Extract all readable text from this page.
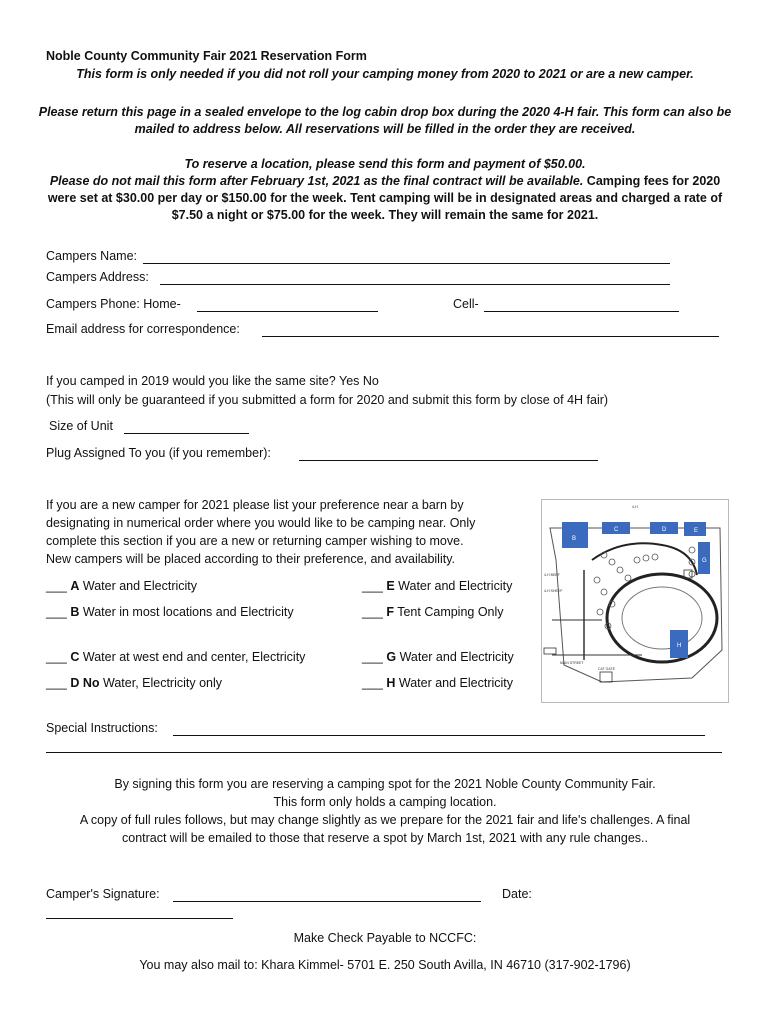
Noble County Community Fair 2021 Reservation Form
This form is only needed if you did not roll your camping money from 2020 to 2021 or are a new camper.
Please return this page in a sealed envelope to the log cabin drop box during the 2020 4-H fair. This form can also be
mailed to address below. All reservations will be filled in the order they are received.
To reserve a location, please send this form and payment of $50.00.
Please do not mail this form after February 1st, 2021 as the final contract will be available. Camping fees for 2020
were set at $30.00 per day or $150.00 for the week. Tent camping will be in designated areas and charged a rate of
$7.50 a night or $75.00 for the week. They will remain the same for 2021.
Campers Name:
Campers Address:
Campers Phone: Home-	Cell-
Email address for correspondence:
If you camped in 2019 would you like the same site? Yes No
(This will only be guaranteed if you submitted a form for 2020 and submit this form by close of 4H fair)
Size of Unit
Plug Assigned To you (if you remember):
If you are a new camper for 2021 please list your preference near a barn by
designating in numerical order where you would like to be camping near. Only
complete this section if you are a new or returning camper wishing to move.
New campers will be placed according to their preference, and availability.
___ A Water and Electricity	___ E Water and Electricity
___ B Water in most locations and Electricity	___ F Tent Camping Only
___ C Water at west end and center, Electricity	___ G Water and Electricity
___ D No Water, Electricity only	___ H Water and Electricity
B
C	D	E
G
H
4-H
4-H BEEF
4-H SHEEP
MAIN STREET
CAT GATE
Special Instructions:
By signing this form you are reserving a camping spot for the 2021 Noble County Community Fair.
This form only holds a camping location.
A copy of full rules follows, but may change slightly as we prepare for the 2021 fair and life's challenges. A final
contract will be emailed to those that reserve a spot by March 1st, 2021 with any rule changes..
Camper's Signature:	Date:
Make Check Payable to NCCFC:
You may also mail to: Khara Kimmel- 5701 E. 250 South Avilla, IN 46710 (317-902-1796)
